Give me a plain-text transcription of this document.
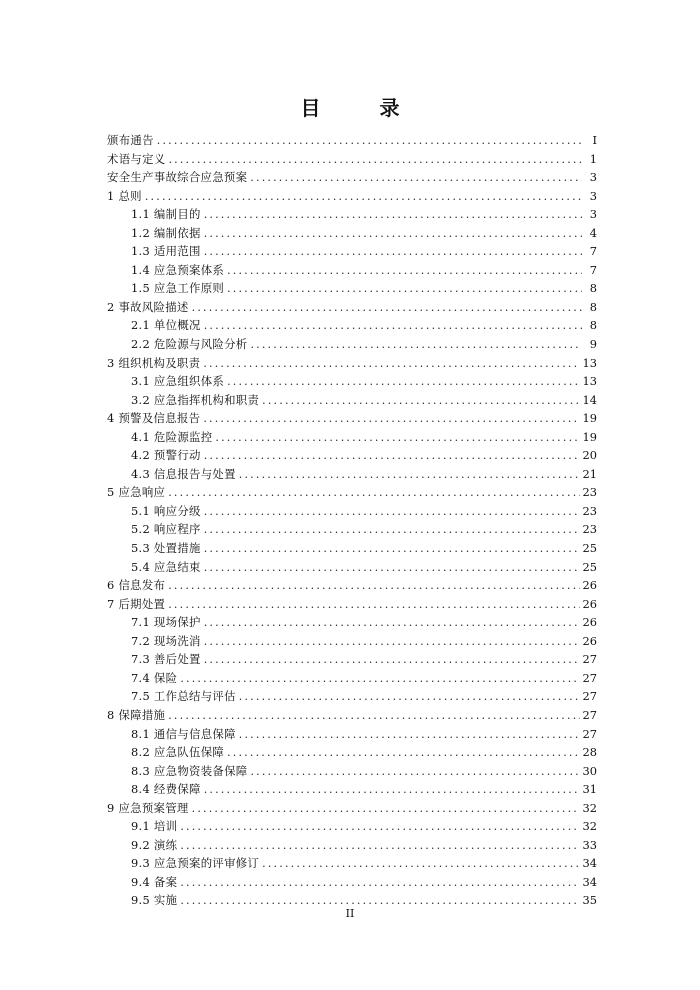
目 录
颁布通告 .....	I
术语与定义 .....	1
安全生产事故综合应急预案 .....	3
1 总则 .....	3
1.1 编制目的 .....	3
1.2 编制依据 .....	4
1.3 适用范围 .....	7
1.4 应急预案体系 .....	7
1.5 应急工作原则 .....	8
2 事故风险描述 .....	8
2.1 单位概况 .....	8
2.2 危险源与风险分析 .....	9
3 组织机构及职责 .....	13
3.1 应急组织体系 .....	13
3.2 应急指挥机构和职责 .....	14
4 预警及信息报告 .....	19
4.1 危险源监控 .....	19
4.2 预警行动 .....	20
4.3 信息报告与处置 .....	21
5 应急响应 .....	23
5.1 响应分级 .....	23
5.2 响应程序 .....	23
5.3 处置措施 .....	25
5.4 应急结束 .....	25
6 信息发布 .....	26
7 后期处置 .....	26
7.1 现场保护 .....	26
7.2 现场洗消 .....	26
7.3 善后处置 .....	27
7.4 保险 .....	27
7.5 工作总结与评估 .....	27
8 保障措施 .....	27
8.1 通信与信息保障 .....	27
8.2 应急队伍保障 .....	28
8.3 应急物资装备保障 .....	30
8.4 经费保障 .....	31
9 应急预案管理 .....	32
9.1 培训 .....	32
9.2 演练 .....	33
9.3 应急预案的评审修订 .....	34
9.4 备案 .....	34
9.5 实施 .....	35
II
